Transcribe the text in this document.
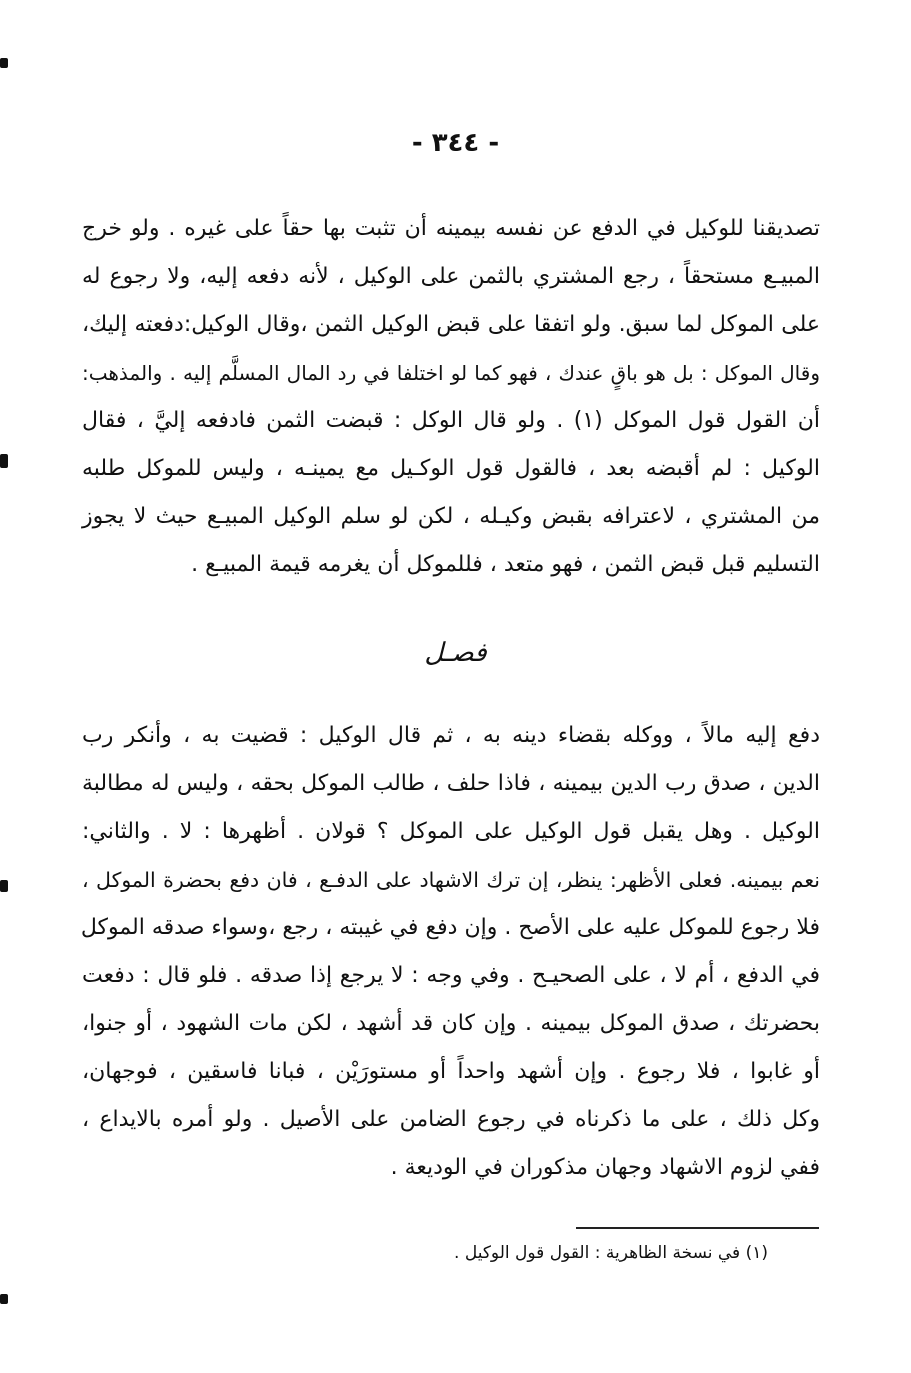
- ٣٤٤ -
تصديقنا للوكيل في الدفع عن نفسه بيمينه أن تثبت بها حقاً على غيره . ولو خرج
المبيـع مستحقاً ، رجع المشتري بالثمن على الوكيل ، لأنه دفعه إليه، ولا رجوع له
على الموكل لما سبق. ولو اتفقا على قبض الوكيل الثمن ،وقال الوكيل:دفعته إليك،
وقال الموكل : بل هو باقٍ عندك ، فهو كما لو اختلفا في رد المال المسلَّم إليه . والمذهب:
أن القول قول الموكل (١) . ولو قال الوكل : قبضت الثمن فادفعه إليَّ ، فقال
الوكيل : لم أقبضه بعد ، فالقول قول الوكـيل مع يمينـه ، وليس للموكل طلبه
من المشتري ، لاعترافه بقبض وكيـله ، لكن لو سلم الوكيل المبيـع حيث لا يجوز
التسليم قبل قبض الثمن ، فهو متعد ، فللموكل أن يغرمه قيمة المبيـع .
فصـل
دفع إليه مالاً ، ووكله بقضاء دينه به ، ثم قال الوكيل : قضيت به ، وأنكر رب
الدين ، صدق رب الدين بيمينه ، فاذا حلف ، طالب الموكل بحقه ، وليس له مطالبة
الوكيل . وهل يقبل قول الوكيل على الموكل ؟ قولان . أظهرها : لا . والثاني:
نعم بيمينه. فعلى الأظهر: ينظر، إن ترك الاشهاد على الدفـع ، فان دفع بحضرة الموكل ،
فلا رجوع للموكل عليه على الأصح . وإن دفع في غيبته ، رجع ،وسواء صدقه الموكل
في الدفع ، أم لا ، على الصحيـح . وفي وجه : لا يرجع إذا صدقه . فلو قال : دفعت
بحضرتك ، صدق الموكل بيمينه . وإن كان قد أشهد ، لكن مات الشهود ، أو جنوا،
أو غابوا ، فلا رجوع . وإن أشهد واحداً أو مستورَيْن ، فبانا فاسقين ، فوجهان،
وكل ذلك ، على ما ذكرناه في رجوع الضامن على الأصيل . ولو أمره بالايداع ،
ففي لزوم الاشهاد وجهان مذكوران في الوديعة .
(١) في نسخة الظاهرية : القول قول الوكيل .
